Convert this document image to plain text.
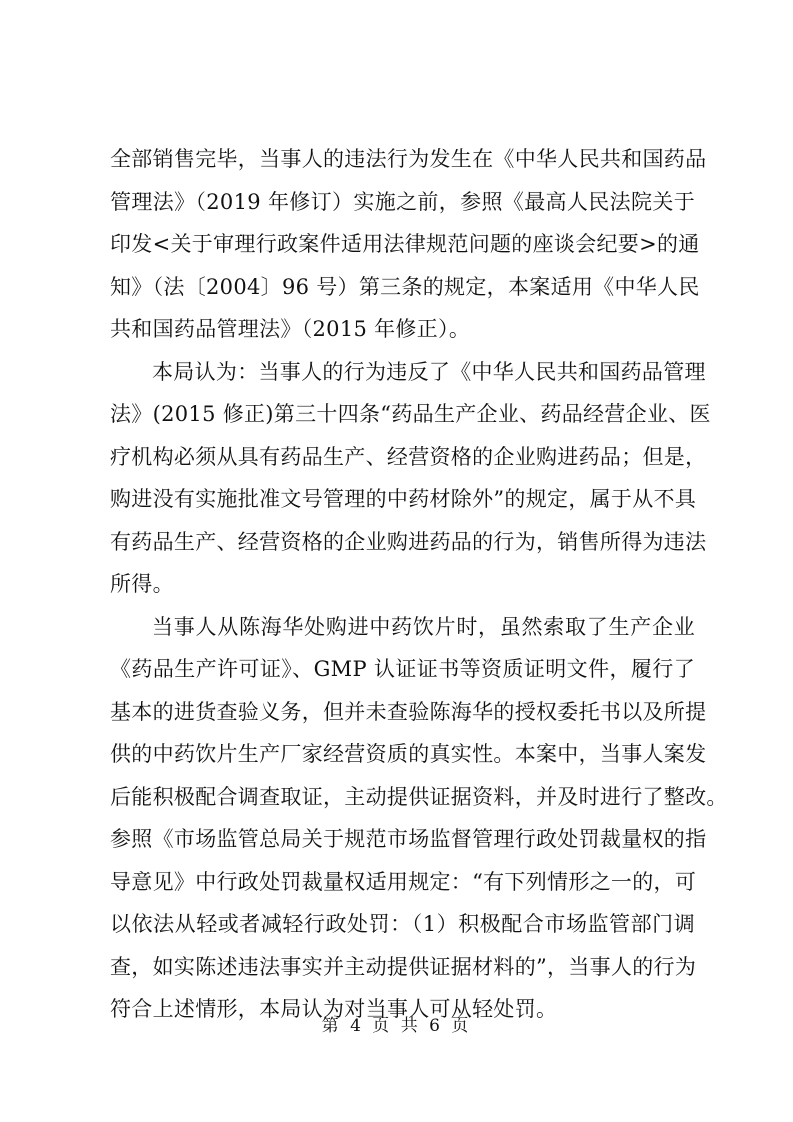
全部销售完毕，当事人的违法行为发生在《中华人民共和国药品
管理法》（2019 年修订）实施之前，参照《最高人民法院关于
印发<关于审理行政案件适用法律规范问题的座谈会纪要>的通
知》（法〔2004〕96 号）第三条的规定，本案适用《中华人民
共和国药品管理法》（2015 年修正）。
本局认为：当事人的行为违反了《中华人民共和国药品管理
法》(2015 修正)第三十四条“药品生产企业、药品经营企业、医
疗机构必须从具有药品生产、经营资格的企业购进药品；但是，
购进没有实施批准文号管理的中药材除外”的规定，属于从不具
有药品生产、经营资格的企业购进药品的行为，销售所得为违法
所得。
当事人从陈海华处购进中药饮片时，虽然索取了生产企业
《药品生产许可证》、GMP 认证证书等资质证明文件，履行了
基本的进货查验义务，但并未查验陈海华的授权委托书以及所提
供的中药饮片生产厂家经营资质的真实性。本案中，当事人案发
后能积极配合调查取证，主动提供证据资料，并及时进行了整改。
参照《市场监管总局关于规范市场监督管理行政处罚裁量权的指
导意见》中行政处罚裁量权适用规定：“有下列情形之一的，可
以依法从轻或者减轻行政处罚：（1）积极配合市场监管部门调
查，如实陈述违法事实并主动提供证据材料的”，当事人的行为
符合上述情形，本局认为对当事人可从轻处罚。
第 4 页 共 6 页
